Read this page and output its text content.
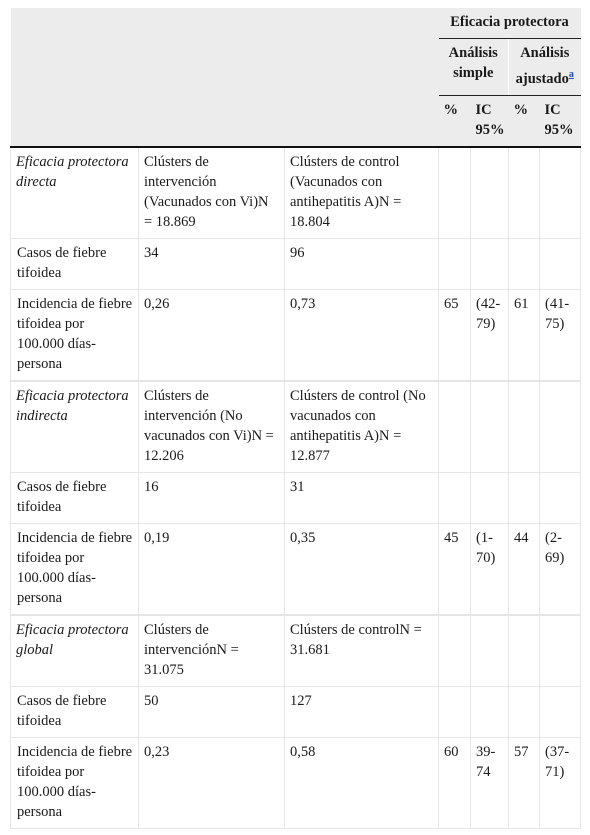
			Eficacia protectora			
			Análisis simple		Análisis ajustado$^a$
			%	IC 95%	%	IC 95%
Eficacia protectora directa	Clústers de intervención (Vacunados con Vi)N = 18.869	Clústers de control (Vacunados con antihepatitis A)N = 18.804				
Casos de fiebre tifoidea	34	96				
Incidencia de fiebre tifoidea por 100.000 días-persona	0,26	0,73	65	(42-79)	61	(41-75)

Eficacia protectora indirecta	Clústers de intervención (No vacunados con Vi)N = 12.206	Clústers de control (No vacunados con antihepatitis A)N = 12.877				
Casos de fiebre tifoidea	16	31				
Incidencia de fiebre tifoidea por 100.000 días-persona	0,19	0,35	45	(1-70)	44	(2-69)

Eficacia protectora global	Clústers de intervenciónN = 31.075	Clústers de controlN = 31.681				
Casos de fiebre tifoidea	50	127				
Incidencia de fiebre tifoidea por 100.000 días-persona	0,23	0,58	60	39-74	57	(37-71)
